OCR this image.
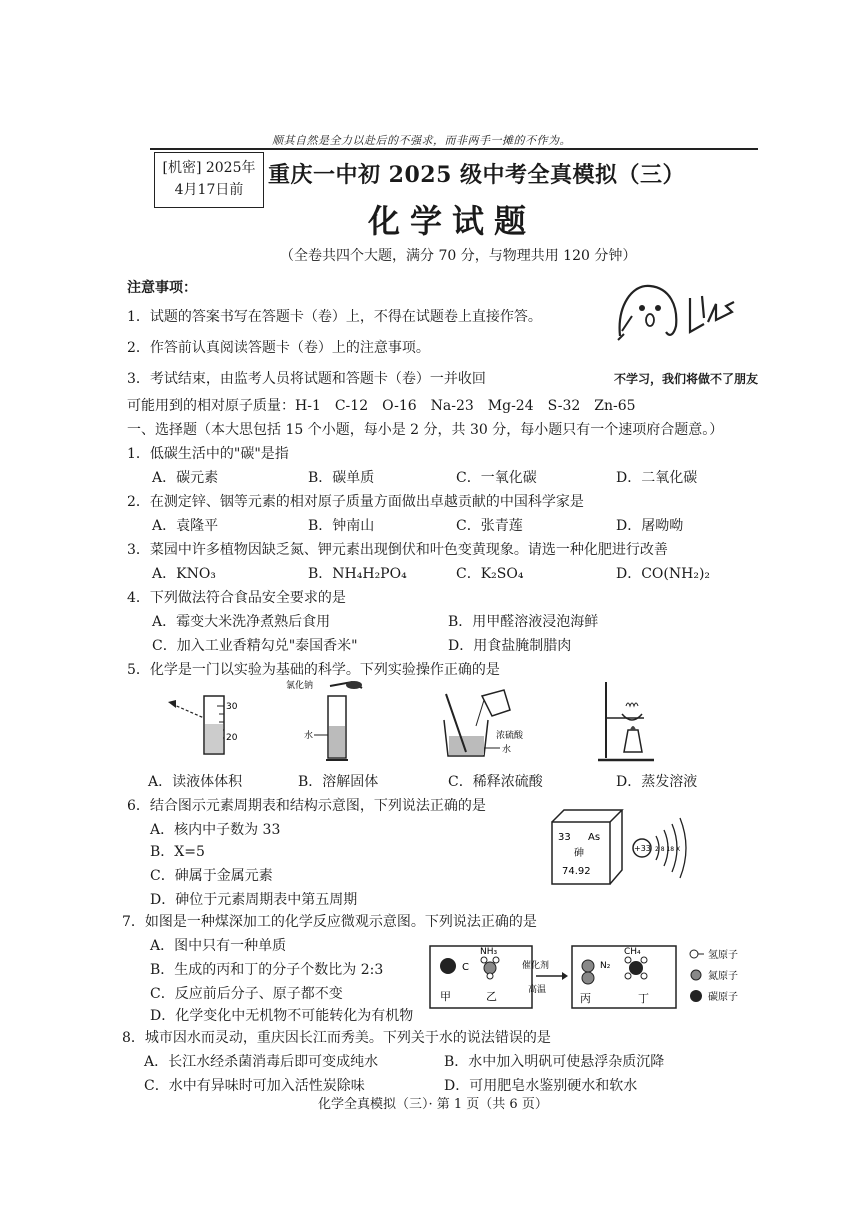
顺其自然是全力以赴后的不强求，而非两手一摊的不作为。
[机密] 2025年
4月17日前
重庆一中初 2025 级中考全真模拟（三）
化学试题
（全卷共四个大题，满分 70 分，与物理共用 120 分钟）
注意事项：
1．试题的答案书写在答题卡（卷）上，不得在试题卷上直接作答。
2．作答前认真阅读答题卡（卷）上的注意事项。
3．考试结束，由监考人员将试题和答题卡（卷）一并收回	不学习，我们将做不了朋友
可能用到的相对原子质量：H-1　C-12　O-16　Na-23　Mg-24　S-32　Zn-65
一、选择题（本大思包括 15 个小题，每小是 2 分，共 30 分，每小题只有一个速项府合题意。）
1．低碳生活中的"碳"是指
A．碳元素	B．碳单质	C．一氧化碳	D．二氧化碳
2．在测定锌、铟等元素的相对原子质量方面做出卓越贡献的中国科学家是
A．袁隆平	B．钟南山	C．张青莲	D．屠呦呦
3．菜园中许多植物因缺乏氮、钾元素出现倒伏和叶色变黄现象。请选一种化肥进行改善
A．KNO₃	B．NH₄H₂PO₄	C．K₂SO₄	D．CO(NH₂)₂
4．下列做法符合食品安全要求的是
A．霉变大米洗净煮熟后食用	B．用甲醛溶液浸泡海鲜
C．加入工业香精勾兑"泰国香米"	D．用食盐腌制腊肉
5．化学是一门以实验为基础的科学。下列实验操作正确的是
30
20
氯化钠
水	浓硫酸
水
A．读液体体积	B．溶解固体	C．稀释浓硫酸	D．蒸发溶液
6．结合图示元素周期表和结构示意图，下列说法正确的是
A．核内中子数为 33
B．X=5
C．砷属于金属元素
D．砷位于元素周期表中第五周期
33 As
砷
74.92
+33 2 8 18 X
7．如图是一种煤深加工的化学反应微观示意图。下列说法正确的是
A．图中只有一种单质
B．生成的丙和丁的分子个数比为 2:3
C．反应前后分子、原子都不变
D．化学变化中无机物不可能转化为有机物
C
NH₃
甲	乙
催化剂
高温
N₂
CH₄
丙	丁
氢原子
氮原子
碳原子
8．城市因水而灵动，重庆因长江而秀美。下列关于水的说法错误的是
A．长江水经杀菌消毒后即可变成纯水	B．水中加入明矾可使悬浮杂质沉降
C．水中有异味时可加入活性炭除味	D．可用肥皂水鉴别硬水和软水
化学全真模拟（三）· 第 1 页（共 6 页）
